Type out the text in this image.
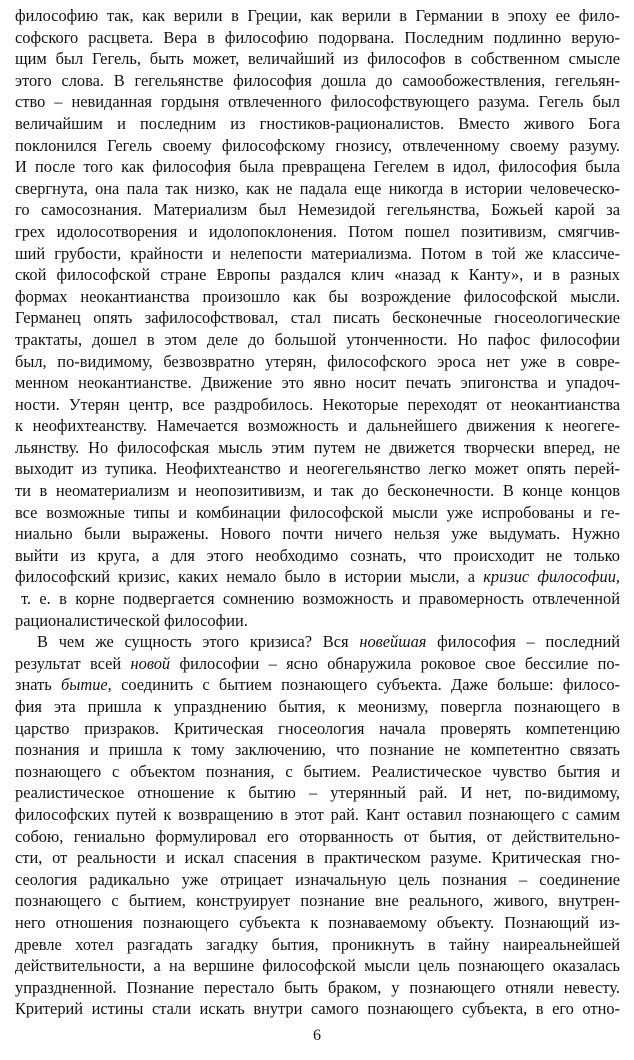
философию так, как верили в Греции, как верили в Германии в эпоху ее фило-
софского расцвета. Вера в философию подорвана. Последним подлинно верую-
щим был Гегель, быть может, величайший из философов в собственном смысле
этого слова. В гегельянстве философия дошла до самообожествления, гегельян-
ство – невиданная гордыня отвлеченного философствующего разума. Гегель был
величайшим и последним из гностиков-рационалистов. Вместо живого Бога
поклонился Гегель своему философскому гнозису, отвлеченному своему разуму.
И после того как философия была превращена Гегелем в идол, философия была
свергнута, она пала так низко, как не падала еще никогда в истории человеческо-
го самосознания. Материализм был Немезидой гегельянства, Божьей карой за
грех идолосотворения и идолопоклонения. Потом пошел позитивизм, смягчив-
ший грубости, крайности и нелепости материализма. Потом в той же классиче-
ской философской стране Европы раздался клич «назад к Канту», и в разных
формах неокантианства произошло как бы возрождение философской мысли.
Германец опять зафилософствовал, стал писать бесконечные гносеологические
трактаты, дошел в этом деле до большой утонченности. Но пафос философии
был, по-видимому, безвозвратно утерян, философского эроса нет уже в совре-
менном неокантианстве. Движение это явно носит печать эпигонства и упадоч-
ности. Утерян центр, все раздробилось. Некоторые переходят от неокантианства
к неофихтеанству. Намечается возможность и дальнейшего движения к неогеге-
льянству. Но философская мысль этим путем не движется творчески вперед, не
выходит из тупика. Неофихтеанство и неогегельянство легко может опять перей-
ти в неоматериализм и неопозитивизм, и так до бесконечности. В конце концов
все возможные типы и комбинации философской мысли уже испробованы и ге-
ниально были выражены. Нового почти ничего нельзя уже выдумать. Нужно
выйти из круга, а для этого необходимо сознать, что происходит не только
философский кризис, каких немало было в истории мысли, а кризис философии,
т. е. в корне подвергается сомнению возможность и правомерность отвлеченной
рационалистической философии.
В чем же сущность этого кризиса? Вся новейшая философия – последний
результат всей новой философии – ясно обнаружила роковое свое бессилие по-
знать бытие, соединить с бытием познающего субъекта. Даже больше: филосо-
фия эта пришла к упразднению бытия, к меонизму, повергла познающего в
царство призраков. Критическая гносеология начала проверять компетенцию
познания и пришла к тому заключению, что познание не компетентно связать
познающего с объектом познания, с бытием. Реалистическое чувство бытия и
реалистическое отношение к бытию – утерянный рай. И нет, по-видимому,
философских путей к возвращению в этот рай. Кант оставил познающего с самим
собою, гениально формулировал его оторванность от бытия, от действительно-
сти, от реальности и искал спасения в практическом разуме. Критическая гно-
сеология радикально уже отрицает изначальную цель познания – соединение
познающего с бытием, конструирует познание вне реального, живого, внутрен-
него отношения познающего субъекта к познаваемому объекту. Познающий из-
древле хотел разгадать загадку бытия, проникнуть в тайну наиреальнейшей
действительности, а на вершине философской мысли цель познающего оказалась
упраздненной. Познание перестало быть браком, у познающего отняли невесту.
Критерий истины стали искать внутри самого познающего субъекта, в его отно-
6
